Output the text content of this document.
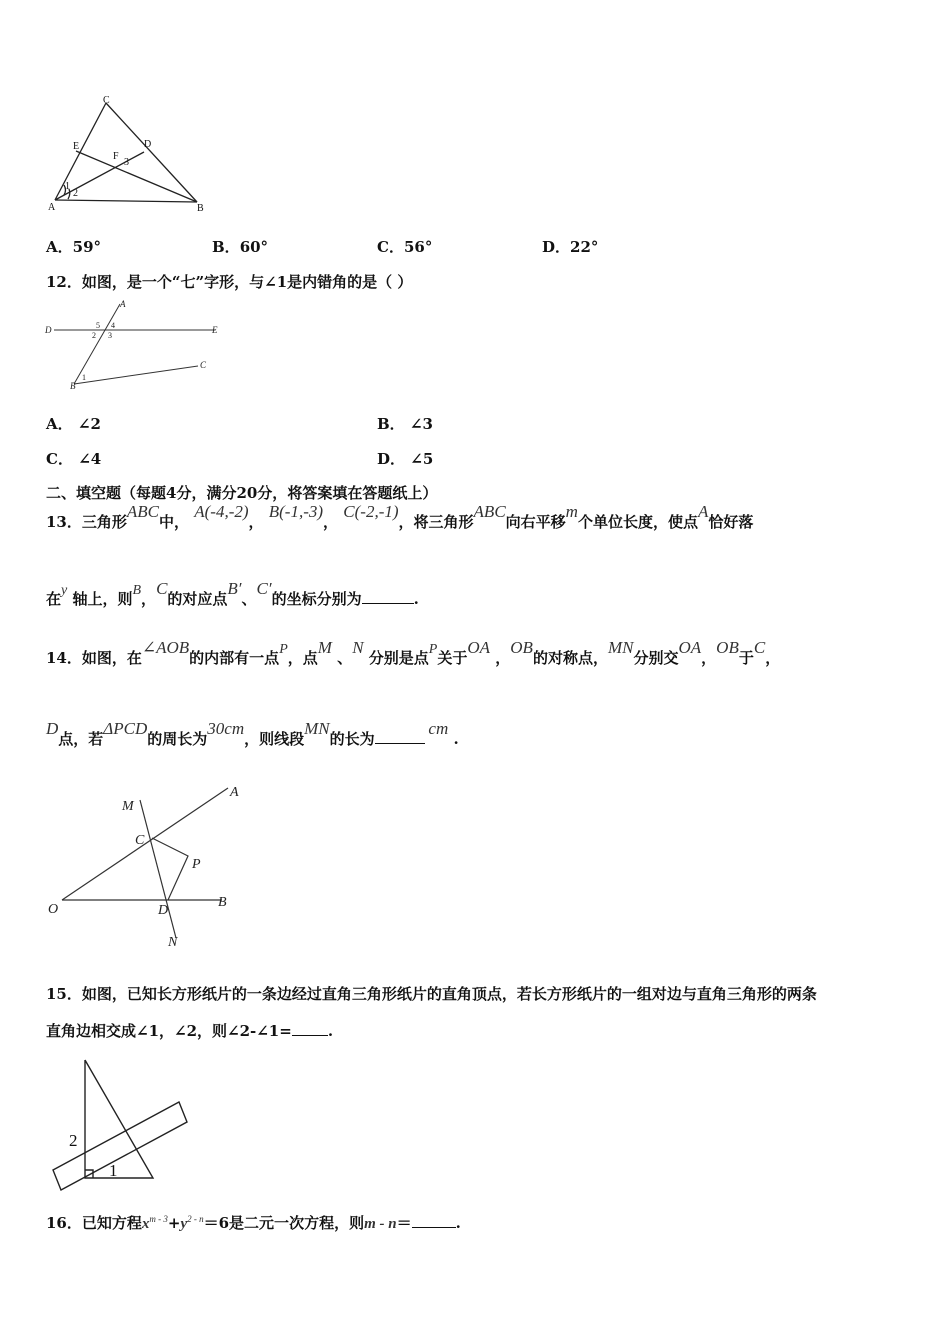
C
E	D
F
3
1
2
A	B
A．59°	B．60°	C．56°	D．22°
12．如图，是一个“七”字形，与∠1是内错角的是（ ）
A
D	E
C
B
5 4
2 3
1
A． ∠2	B． ∠3
C． ∠4	D． ∠5
二、填空题（每题4分，满分20分，将答案填在答题纸上）
13．三角形ABC中， A(-4,-2)， B(-1,-3)， C(-2,-1)，将三角形ABC向右平移m个单位长度，使点A恰好落
在y 轴上，则B，C的对应点B′、C′的坐标分别为	.
14．如图，在∠AOB的内部有一点P，点M 、N 分别是点P关于OA ，OB的对称点，MN分别交OA，OB于C，
D点，若ΔPCD的周长为30cm，则线段MN的长为 cm .
M
A
C
P
O	D
B
N
15．如图，已知长方形纸片的一条边经过直角三角形纸片的直角顶点，若长方形纸片的一组对边与直角三角形的两条
直角边相交成∠1，∠2，则∠2-∠1= .
2
1
16．已知方程$x^{m - 3}+y^{2 - n}=6$是二元一次方程，则m - n＝	.
